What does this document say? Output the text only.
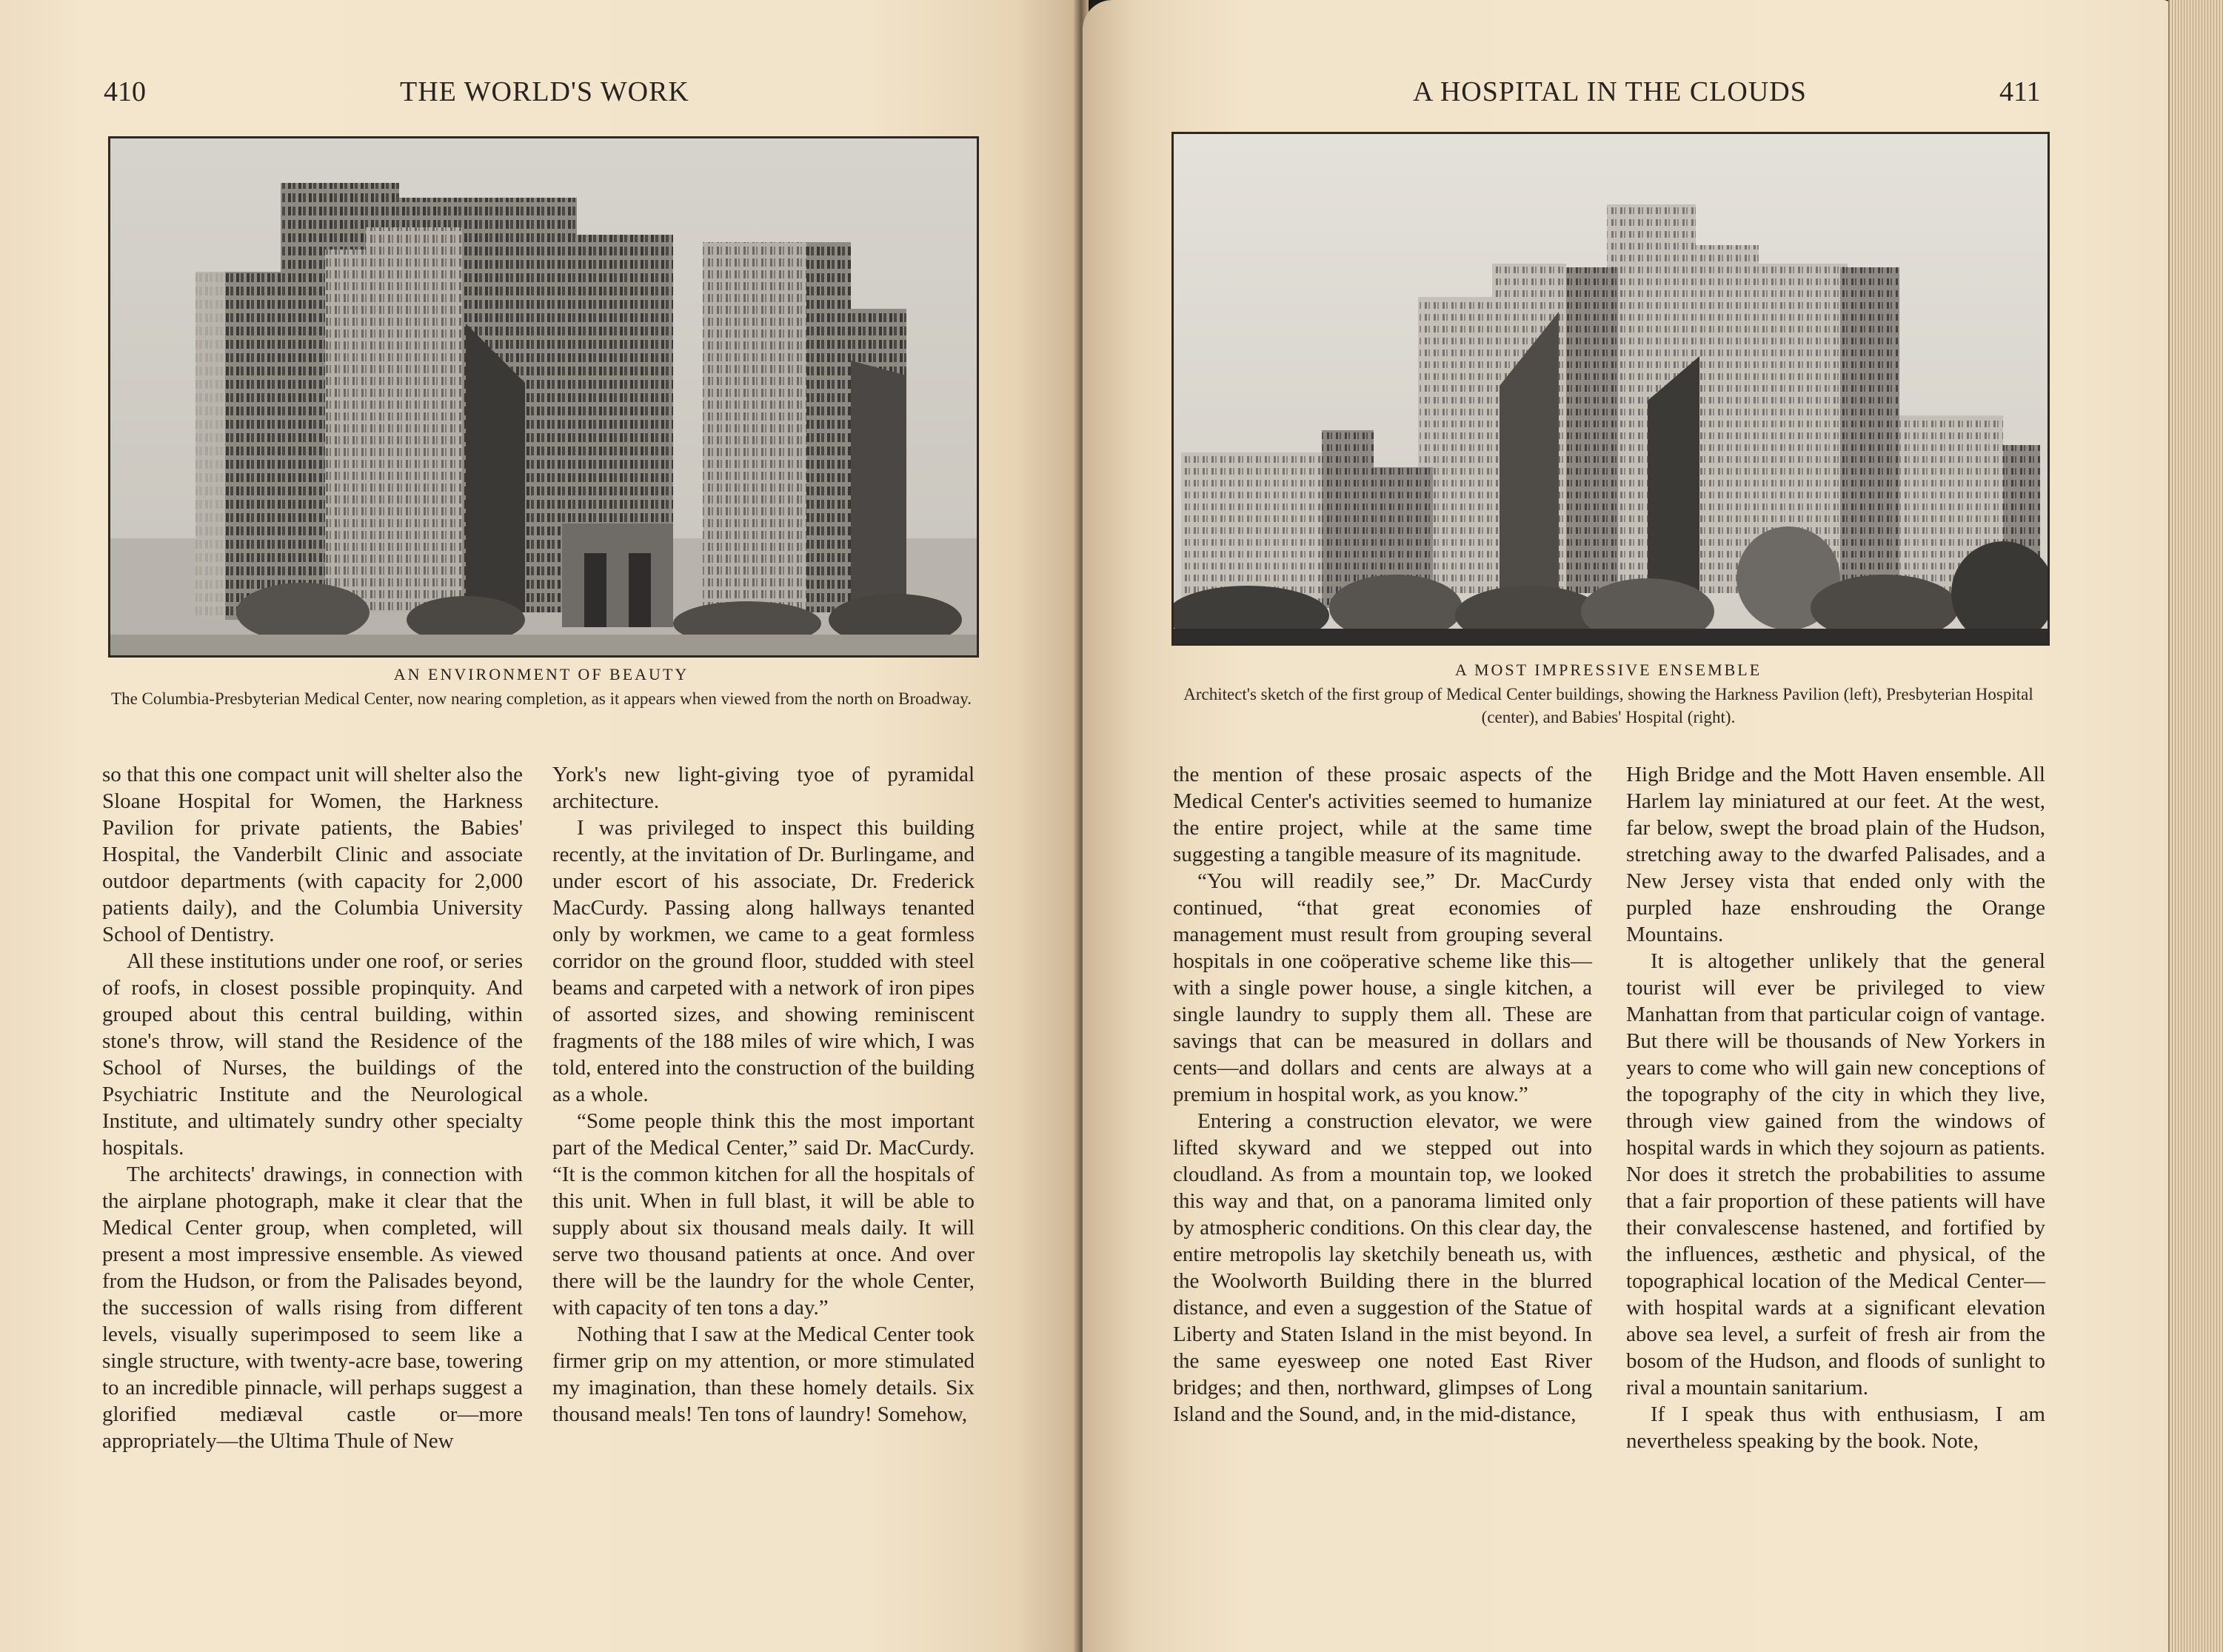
410	THE WORLD'S WORK
AN ENVIRONMENT OF BEAUTY
The Columbia-Presbyterian Medical Center, now nearing completion, as it appears when viewed from the north on Broadway.

so that this one compact unit will shelter also the Sloane Hospital for Women, the Harkness Pavilion for private patients, the Babies' Hospital, the Vanderbilt Clinic and associate outdoor departments (with capacity for 2,000 patients daily), and the Columbia University School of Dentistry.

All these institutions under one roof, or series of roofs, in closest possible propinquity. And grouped about this central building, within stone's throw, will stand the Residence of the School of Nurses, the buildings of the Psychiatric Institute and the Neurological Institute, and ultimately sundry other specialty hospitals.

The architects' drawings, in connection with the airplane photograph, make it clear that the Medical Center group, when completed, will present a most impressive ensemble. As viewed from the Hudson, or from the Palisades beyond, the succession of walls rising from different levels, visually superimposed to seem like a single structure, with twenty-acre base, towering to an incredible pinnacle, will perhaps suggest a glorified mediæval castle or—more appropriately—the Ultima Thule of New

York's new light-giving tyoe of pyramidal architecture.

I was privileged to inspect this building recently, at the invitation of Dr. Burlingame, and under escort of his associate, Dr. Frederick MacCurdy. Passing along hallways tenanted only by workmen, we came to a geat formless corridor on the ground floor, studded with steel beams and carpeted with a network of iron pipes of assorted sizes, and showing reminiscent fragments of the 188 miles of wire which, I was told, entered into the construction of the building as a whole.

“Some people think this the most important part of the Medical Center,” said Dr. MacCurdy. “It is the common kitchen for all the hospitals of this unit. When in full blast, it will be able to supply about six thousand meals daily. It will serve two thousand patients at once. And over there will be the laundry for the whole Center, with capacity of ten tons a day.”

Nothing that I saw at the Medical Center took firmer grip on my attention, or more stimulated my imagination, than these homely details. Six thousand meals! Ten tons of laundry! Somehow,

A HOSPITAL IN THE CLOUDS	411
A MOST IMPRESSIVE ENSEMBLE
Architect's sketch of the first group of Medical Center buildings, showing the Harkness Pavilion (left), Presbyterian Hospital (center), and Babies' Hospital (right).

the mention of these prosaic aspects of the Medical Center's activities seemed to humanize the entire project, while at the same time suggesting a tangible measure of its magnitude.

“You will readily see,” Dr. MacCurdy continued, “that great economies of management must result from grouping several hospitals in one coöperative scheme like this—with a single power house, a single kitchen, a single laundry to supply them all. These are savings that can be measured in dollars and cents—and dollars and cents are always at a premium in hospital work, as you know.”

Entering a construction elevator, we were lifted skyward and we stepped out into cloudland. As from a mountain top, we looked this way and that, on a panorama limited only by atmospheric conditions. On this clear day, the entire metropolis lay sketchily beneath us, with the Woolworth Building there in the blurred distance, and even a suggestion of the Statue of Liberty and Staten Island in the mist beyond. In the same eyesweep one noted East River bridges; and then, northward, glimpses of Long Island and the Sound, and, in the mid-distance,

High Bridge and the Mott Haven ensemble. All Harlem lay miniatured at our feet. At the west, far below, swept the broad plain of the Hudson, stretching away to the dwarfed Palisades, and a New Jersey vista that ended only with the purpled haze enshrouding the Orange Mountains.

It is altogether unlikely that the general tourist will ever be privileged to view Manhattan from that particular coign of vantage. But there will be thousands of New Yorkers in years to come who will gain new conceptions of the topography of the city in which they live, through view gained from the windows of hospital wards in which they sojourn as patients. Nor does it stretch the probabilities to assume that a fair proportion of these patients will have their convalescense hastened, and fortified by the influences, æsthetic and physical, of the topographical location of the Medical Center—with hospital wards at a significant elevation above sea level, a surfeit of fresh air from the bosom of the Hudson, and floods of sunlight to rival a mountain sanitarium.

If I speak thus with enthusiasm, I am nevertheless speaking by the book. Note,
